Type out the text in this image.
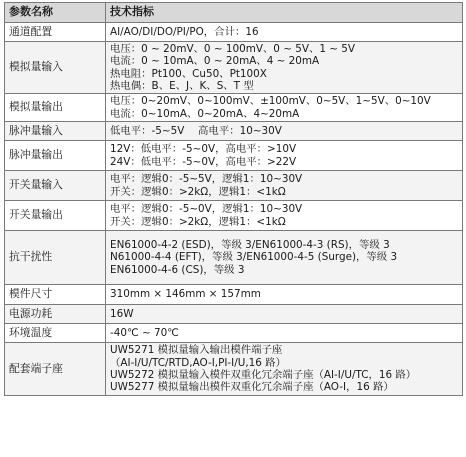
参数名称	技术指标
通道配置	AI/AO/DI/DO/PI/PO，合计：16

模拟量输入	电压：0 ~ 20mV、0 ~ 100mV、0 ~ 5V、1 ~ 5V
电流：0 ~ 10mA、0 ~ 20mA、4 ~ 20mA
热电阻：Pt100、Cu50、Pt100X
热电偶：B、E、J、K、S、T 型

模拟量输出	电压：0~20mV、0~100mV、±100mV、0~5V、1~5V、0~10V
电流：0~10mA、0~20mA、4~20mA

脉冲量输入	低电平：-5~5V　 高电平：10~30V

脉冲量输出	12V：低电平：-5~0V，高电平：>10V
24V：低电平：-5~0V，高电平：>22V

开关量输入	电平：逻辑0：-5~5V，逻辑1：10~30V
开关：逻辑0：>2kΩ，逻辑1：<1kΩ

开关量输出	电平：逻辑0：-5~0V，逻辑1：10~30V
开关：逻辑0：>2kΩ，逻辑1：<1kΩ

抗干扰性	EN61000-4-2 (ESD)，等级 3/EN61000-4-3 (RS)，等级 3
N61000-4-4 (EFT)，等级 3/EN61000-4-5 (Surge)，等级 3
EN61000-4-6 (CS)，等级 3

模件尺寸	310mm × 146mm × 157mm

电源功耗	16W

环境温度	-40℃ ~ 70℃

配套端子座	UW5271 模拟量输入输出模件端子座
（AI-I/U/TC/RTD,AO-I,PI-I/U,16 路）
UW5272 模拟量输入模件双重化冗余端子座（AI-I/U/TC，16 路）
UW5277 模拟量输出模件双重化冗余端子座（AO-I，16 路）
